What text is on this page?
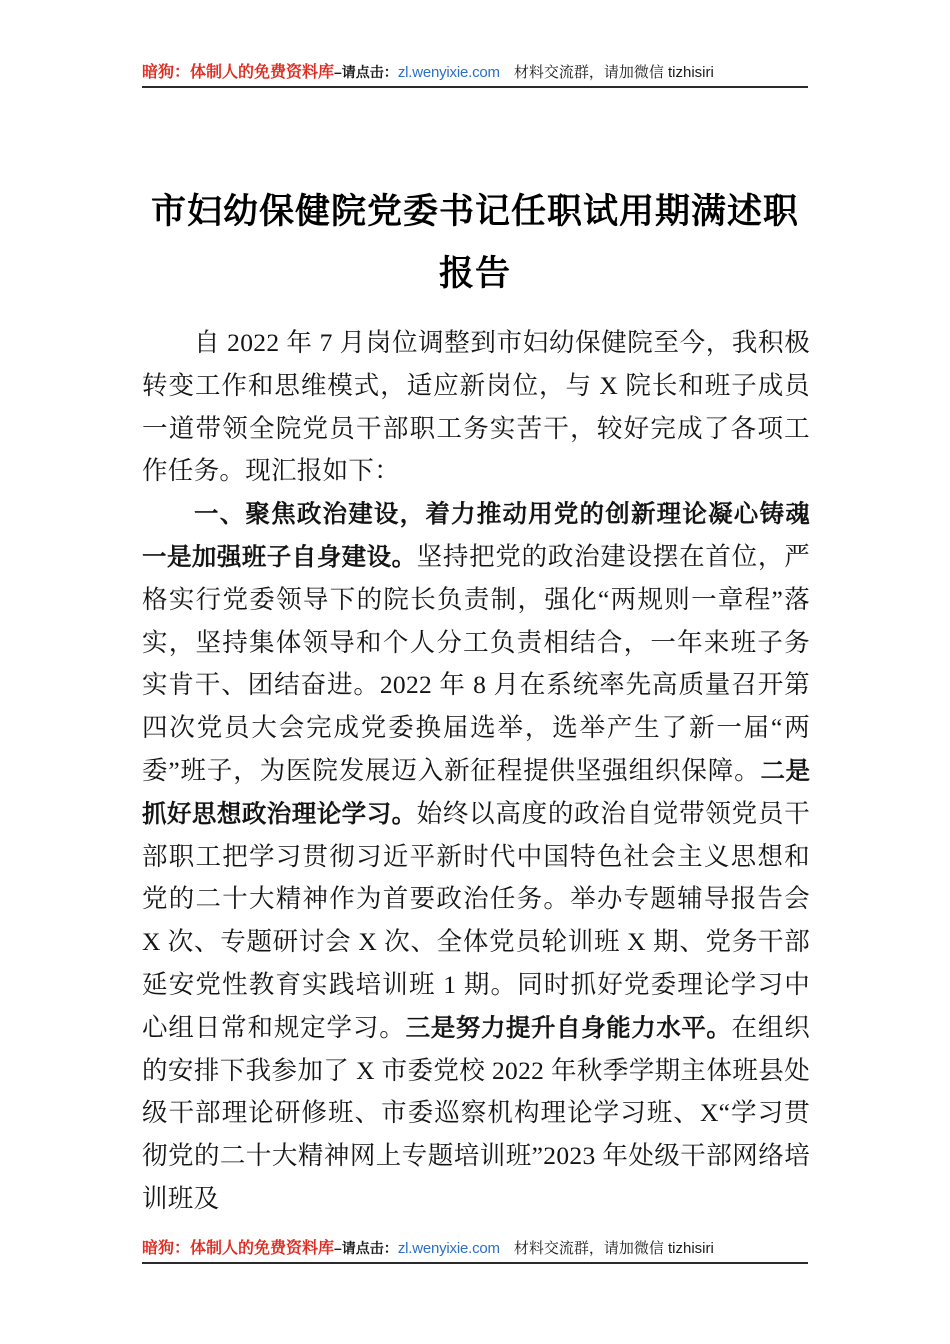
暗狗：体制人的免费资料库–请点击：zl.wenyixie.com 材料交流群，请加微信 tizhisiri
市妇幼保健院党委书记任职试用期满述职报告

自 2022 年 7 月岗位调整到市妇幼保健院至今，我积极转变工作和思维模式，适应新岗位，与 X 院长和班子成员一道带领全院党员干部职工务实苦干，较好完成了各项工作任务。现汇报如下：

一、聚焦政治建设，着力推动用党的创新理论凝心铸魂一是加强班子自身建设。坚持把党的政治建设摆在首位，严格实行党委领导下的院长负责制，强化“两规则一章程”落实，坚持集体领导和个人分工负责相结合，一年来班子务实肯干、团结奋进。2022 年 8 月在系统率先高质量召开第四次党员大会完成党委换届选举，选举产生了新一届“两委”班子，为医院发展迈入新征程提供坚强组织保障。二是抓好思想政治理论学习。始终以高度的政治自觉带领党员干部职工把学习贯彻习近平新时代中国特色社会主义思想和党的二十大精神作为首要政治任务。举办专题辅导报告会 X 次、专题研讨会 X 次、全体党员轮训班 X 期、党务干部延安党性教育实践培训班 1 期。同时抓好党委理论学习中心组日常和规定学习。三是努力提升自身能力水平。在组织的安排下我参加了 X 市委党校 2022 年秋季学期主体班县处级干部理论研修班、市委巡察机构理论学习班、X“学习贯彻党的二十大精神网上专题培训班”2023 年处级干部网络培训班及

暗狗：体制人的免费资料库–请点击：zl.wenyixie.com 材料交流群，请加微信 tizhisiri
